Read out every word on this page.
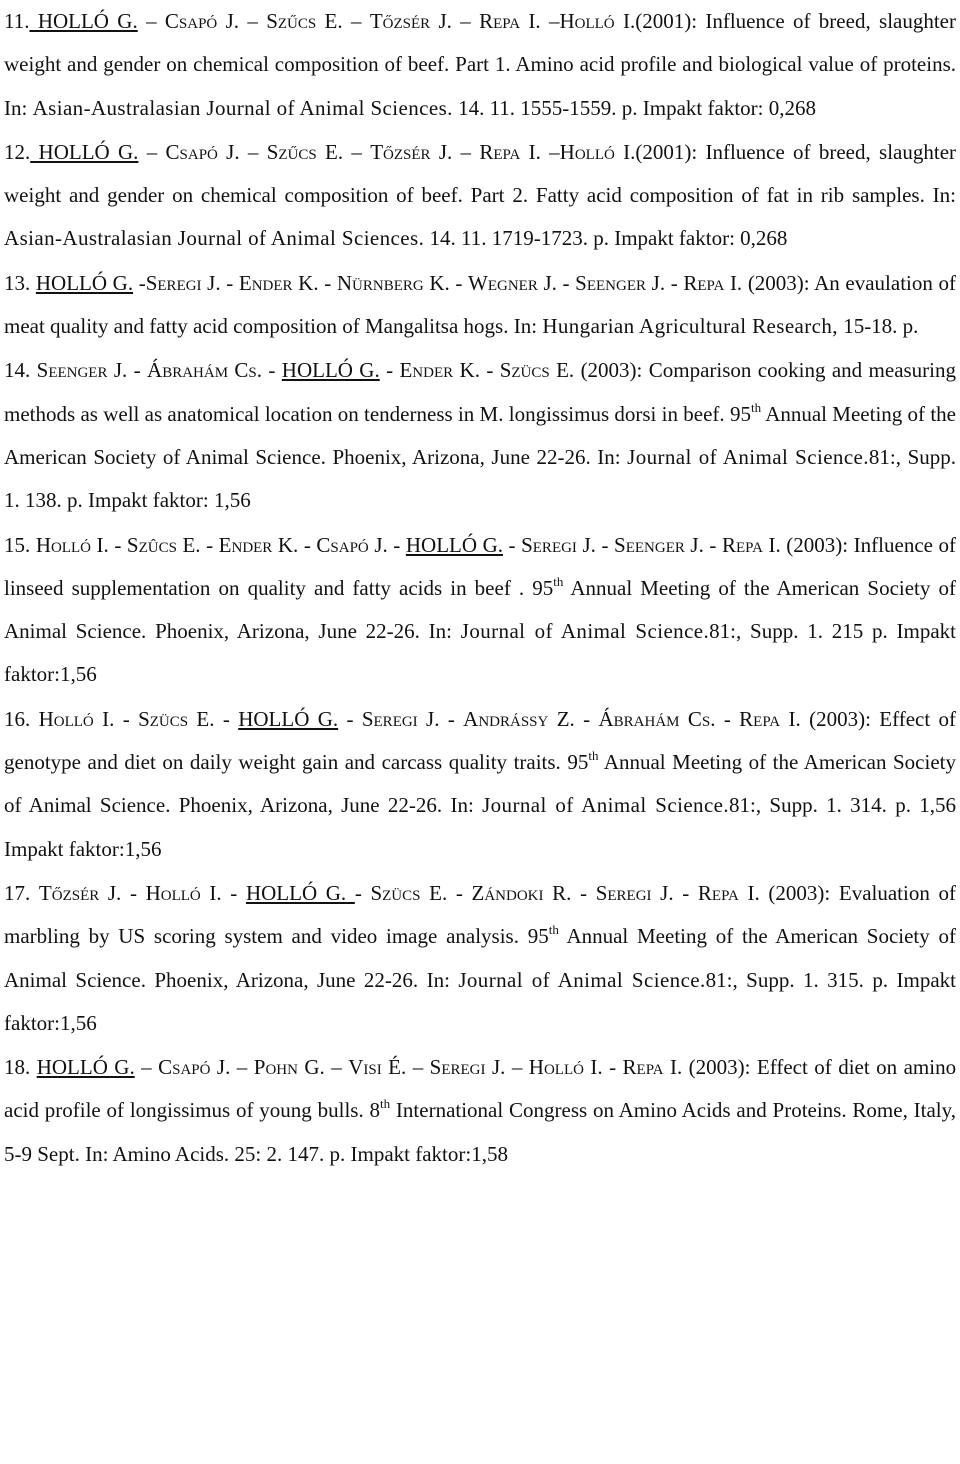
11. HOLLÓ G. – Csapó J. – Szűcs E. – Tőzsér J. – Repa I. –Holló I.(2001): Influence of breed, slaughter weight and gender on chemical composition of beef. Part 1. Amino acid profile and biological value of proteins. In: Asian-Australasian Journal of Animal Sciences. 14. 11. 1555-1559. p. Impakt faktor: 0,268

12. HOLLÓ G. – Csapó J. – Szűcs E. – Tőzsér J. – Repa I. –Holló I.(2001): Influence of breed, slaughter weight and gender on chemical composition of beef. Part 2. Fatty acid composition of fat in rib samples. In: Asian-Australasian Journal of Animal Sciences. 14. 11. 1719-1723. p. Impakt faktor: 0,268

13. HOLLÓ G. -Seregi J. - Ender K. - Nürnberg K. - Wegner J. - Seenger J. - Repa I. (2003): An evaulation of meat quality and fatty acid composition of Mangalitsa hogs. In: Hungarian Agricultural Research, 15-18. p.

14. Seenger J. - Ábrahám Cs. - HOLLÓ G. - Ender K. - Szücs E. (2003): Comparison cooking and measuring methods as well as anatomical location on tenderness in M. longissimus dorsi in beef. 95th Annual Meeting of the American Society of Animal Science. Phoenix, Arizona, June 22-26. In: Journal of Animal Science.81:, Supp. 1. 138. p. Impakt faktor: 1,56

15. Holló I. - Szûcs E. - Ender K. - Csapó J. - HOLLÓ G. - Seregi J. - Seenger J. - Repa I. (2003): Influence of linseed supplementation on quality and fatty acids in beef . 95th Annual Meeting of the American Society of Animal Science. Phoenix, Arizona, June 22-26. In: Journal of Animal Science.81:, Supp. 1. 215 p. Impakt faktor:1,56

16. Holló I. - Szücs E. - HOLLÓ G. - Seregi J. - Andrássy Z. - Ábrahám Cs. - Repa I. (2003): Effect of genotype and diet on daily weight gain and carcass quality traits. 95th Annual Meeting of the American Society of Animal Science. Phoenix, Arizona, June 22-26. In: Journal of Animal Science.81:, Supp. 1. 314. p. 1,56 Impakt faktor:1,56

17. Tőzsér J. - Holló I. - HOLLÓ G. - Szücs E. - Zándoki R. - Seregi J. - Repa I. (2003): Evaluation of marbling by US scoring system and video image analysis. 95th Annual Meeting of the American Society of Animal Science. Phoenix, Arizona, June 22-26. In: Journal of Animal Science.81:, Supp. 1. 315. p. Impakt faktor:1,56

18. HOLLÓ G. – Csapó J. – Pohn G. – Visi É. – Seregi J. – Holló I. - Repa I. (2003): Effect of diet on amino acid profile of longissimus of young bulls. 8th International Congress on Amino Acids and Proteins. Rome, Italy, 5-9 Sept. In: Amino Acids. 25: 2. 147. p. Impakt faktor:1,58
